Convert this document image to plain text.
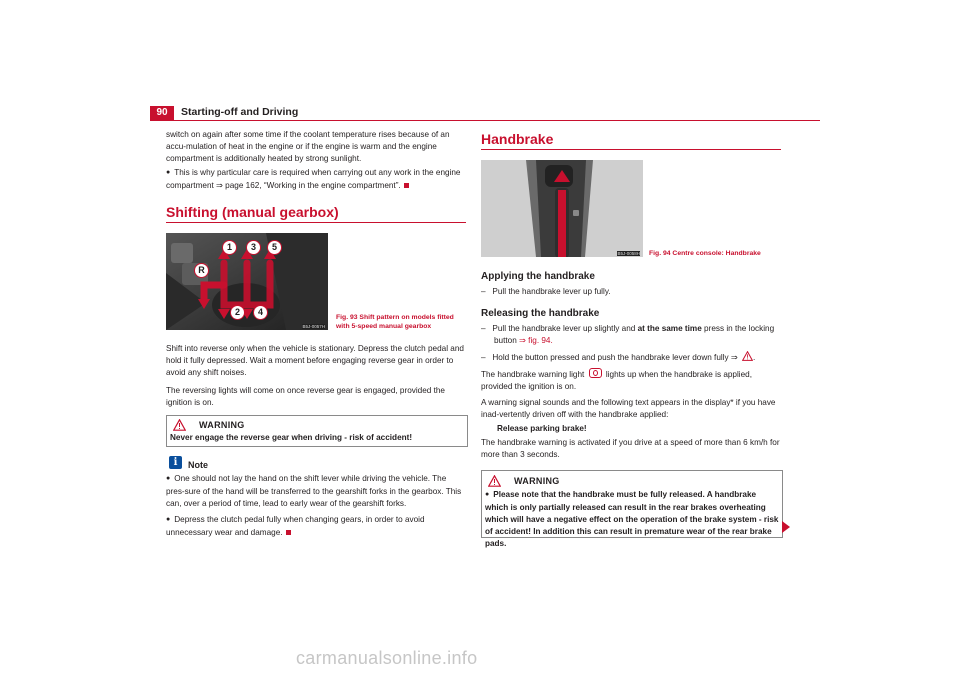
90	Starting-off and Driving

switch on again after some time if the coolant temperature rises because of an accu-mulation of heat in the engine or if the engine is warm and the engine compartment is additionally heated by strong sunlight.

● This is why particular care is required when carrying out any work in the engine compartment ⇒ page 162, “Working in the engine compartment”.

Shifting (manual gearbox)
1	3	5
R
2	4
B5J-0057H
Fig. 93 Shift pattern on models fitted with 5-speed manual gearbox

Shift into reverse only when the vehicle is stationary. Depress the clutch pedal and hold it fully depressed. Wait a moment before engaging reverse gear in order to avoid any shift noises.

The reversing lights will come on once reverse gear is engaged, provided the ignition is on.

WARNING
Never engage the reverse gear when driving - risk of accident!
i	Note

● One should not lay the hand on the shift lever while driving the vehicle. The pres-sure of the hand will be transferred to the gearshift forks in the gearbox. This can, over a period of time, lead to early wear of the gearshift forks.

● Depress the clutch pedal fully when changing gears, in order to avoid unnecessary wear and damage.

Handbrake
B5J-0058H Fig. 94 Centre console: Handbrake
Applying the handbrake

– Pull the handbrake lever up fully.

Releasing the handbrake

– Pull the handbrake lever up slightly and at the same time press in the locking button ⇒ fig. 94.

– Hold the button pressed and push the handbrake lever down fully ⇒ .

The handbrake warning light	lights up when the handbrake is applied, provided the ignition is on.

A warning signal sounds and the following text appears in the display* if you have inad-vertently driven off with the handbrake applied:

Release parking brake!

The handbrake warning is activated if you drive at a speed of more than 6 km/h for more than 3 seconds.

WARNING

● Please note that the handbrake must be fully released. A handbrake which is only partially released can result in the rear brakes overheating which will have a negative effect on the operation of the brake system - risk of accident! In addition this can result in premature wear of the rear brake pads.

carmanualsonline.info
